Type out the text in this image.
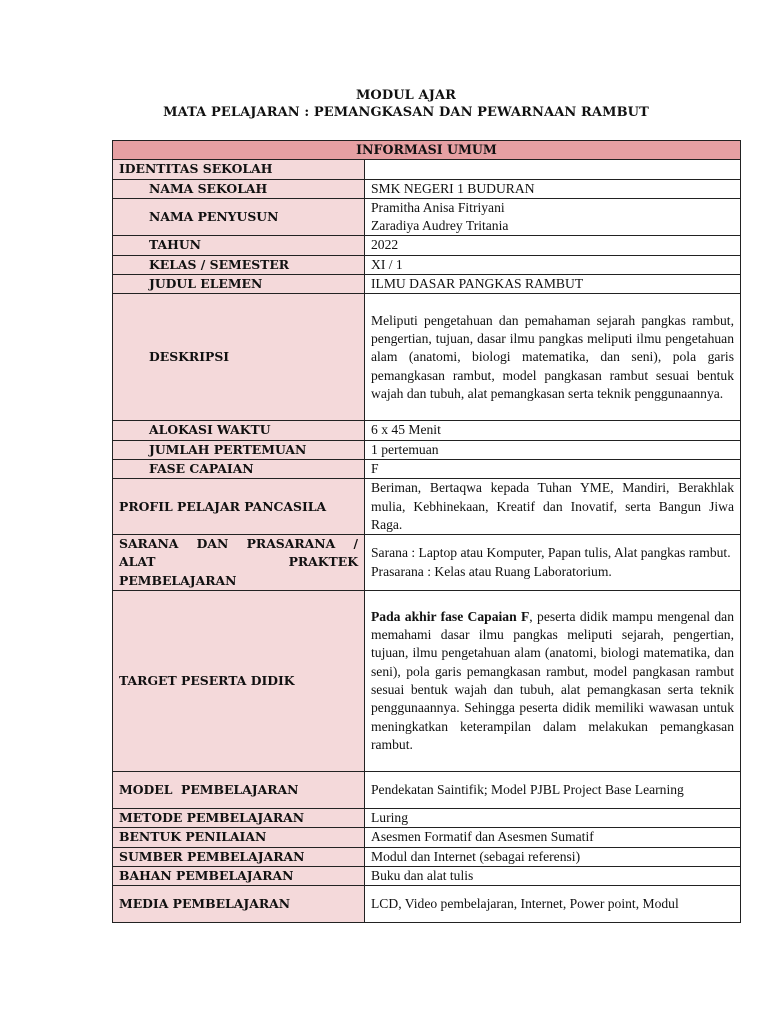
MODUL AJAR
MATA PELAJARAN : PEMANGKASAN DAN PEWARNAAN RAMBUT
INFORMASI UMUM	
IDENTITAS SEKOLAH	
NAMA SEKOLAH	SMK NEGERI 1 BUDURAN
NAMA PENYUSUN	Pramitha Anisa Fitriyani
Zaradiya Audrey Tritania

TAHUN	2022
KELAS / SEMESTER	XI / 1
JUDUL ELEMEN	ILMU DASAR PANGKAS RAMBUT
DESKRIPSI	Meliputi pengetahuan dan pemahaman sejarah pangkas rambut, pengertian, tujuan, dasar ilmu pangkas meliputi ilmu pengetahuan alam (anatomi, biologi matematika, dan seni), pola garis pemangkasan rambut, model pangkasan rambut sesuai bentuk wajah dan tubuh, alat pemangkasan serta teknik penggunaannya.
ALOKASI WAKTU	6 x 45 Menit
JUMLAH PERTEMUAN	1 pertemuan
FASE CAPAIAN	F
PROFIL PELAJAR PANCASILA	Beriman, Bertaqwa kepada Tuhan YME, Mandiri, Berakhlak mulia, Kebhinekaan, Kreatif dan Inovatif, serta Bangun Jiwa Raga.

SARANA DAN PRASARANA /
ALAT PRAKTEK
PEMBELAJARAN	Sarana : Laptop atau Komputer, Papan tulis, Alat pangkas rambut.
Prasarana : Kelas atau Ruang Laboratorium.

TARGET PESERTA DIDIK	Pada akhir fase Capaian F, peserta didik mampu mengenal dan memahami dasar ilmu pangkas meliputi sejarah, pengertian, tujuan, ilmu pengetahuan alam (anatomi, biologi matematika, dan seni), pola garis pemangkasan rambut, model pangkasan rambut sesuai bentuk wajah dan tubuh, alat pemangkasan serta teknik penggunaannya. Sehingga peserta didik memiliki wawasan untuk meningkatkan keterampilan dalam melakukan pemangkasan rambut.
MODEL  PEMBELAJARAN	Pendekatan Saintifik; Model PJBL Project Base Learning
METODE PEMBELAJARAN	Luring
BENTUK PENILAIAN	Asesmen Formatif dan Asesmen Sumatif
SUMBER PEMBELAJARAN	Modul dan Internet (sebagai referensi)
BAHAN PEMBELAJARAN	Buku dan alat tulis
MEDIA PEMBELAJARAN	LCD, Video pembelajaran, Internet, Power point, Modul
